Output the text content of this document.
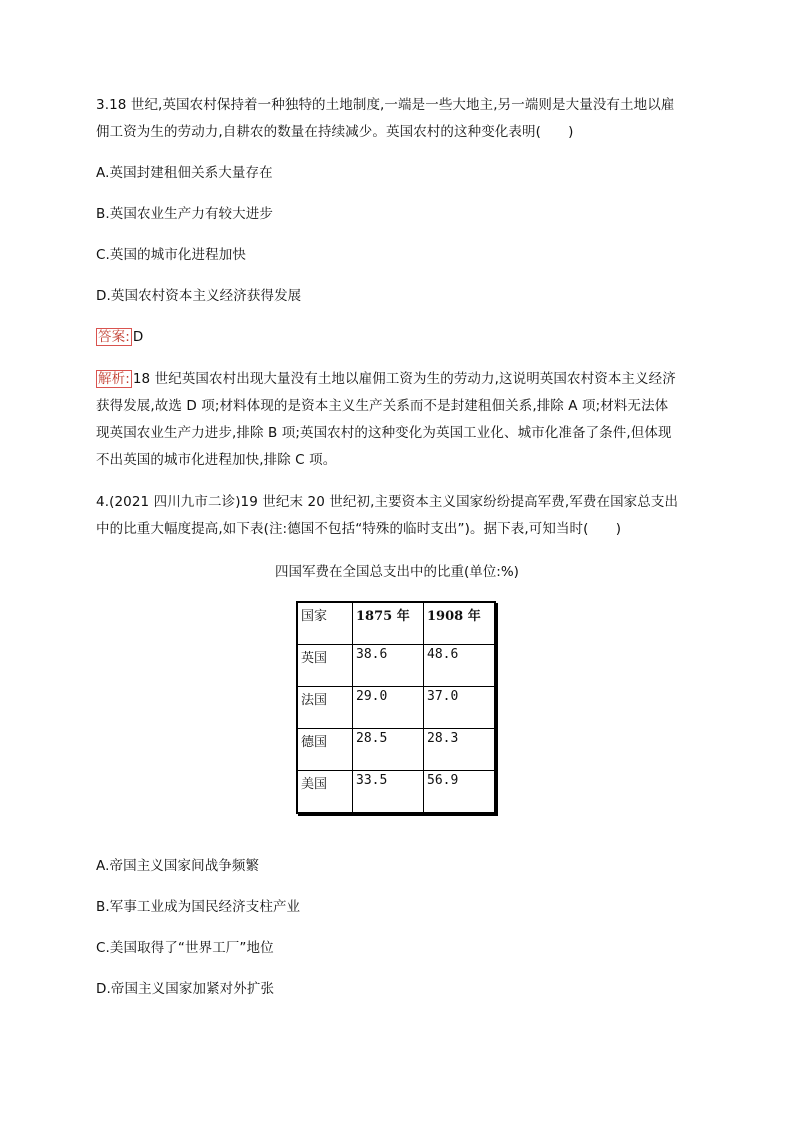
3.18 世纪,英国农村保持着一种独特的土地制度,一端是一些大地主,另一端则是大量没有土地以雇
佣工资为生的劳动力,自耕农的数量在持续减少。英国农村的这种变化表明(　　)
A.英国封建租佃关系大量存在
B.英国农业生产力有较大进步
C.英国的城市化进程加快
D.英国农村资本主义经济获得发展
答案: D
解析: 18 世纪英国农村出现大量没有土地以雇佣工资为生的劳动力,这说明英国农村资本主义经济
获得发展,故选 D 项;材料体现的是资本主义生产关系而不是封建租佃关系,排除 A 项;材料无法体
现英国农业生产力进步,排除 B 项;英国农村的这种变化为英国工业化、城市化准备了条件,但体现
不出英国的城市化进程加快,排除 C 项。
4.(2021 四川九市二诊)19 世纪末 20 世纪初,主要资本主义国家纷纷提高军费,军费在国家总支出
中的比重大幅度提高,如下表(注:德国不包括“特殊的临时支出”)。据下表,可知当时(　　)
四国军费在全国总支出中的比重(单位:%)
国家	1875 年	1908 年
英国	38.6	48.6
法国	29.0	37.0
德国	28.5	28.3
美国	33.5	56.9
A.帝国主义国家间战争频繁
B.军事工业成为国民经济支柱产业
C.美国取得了“世界工厂”地位
D.帝国主义国家加紧对外扩张
